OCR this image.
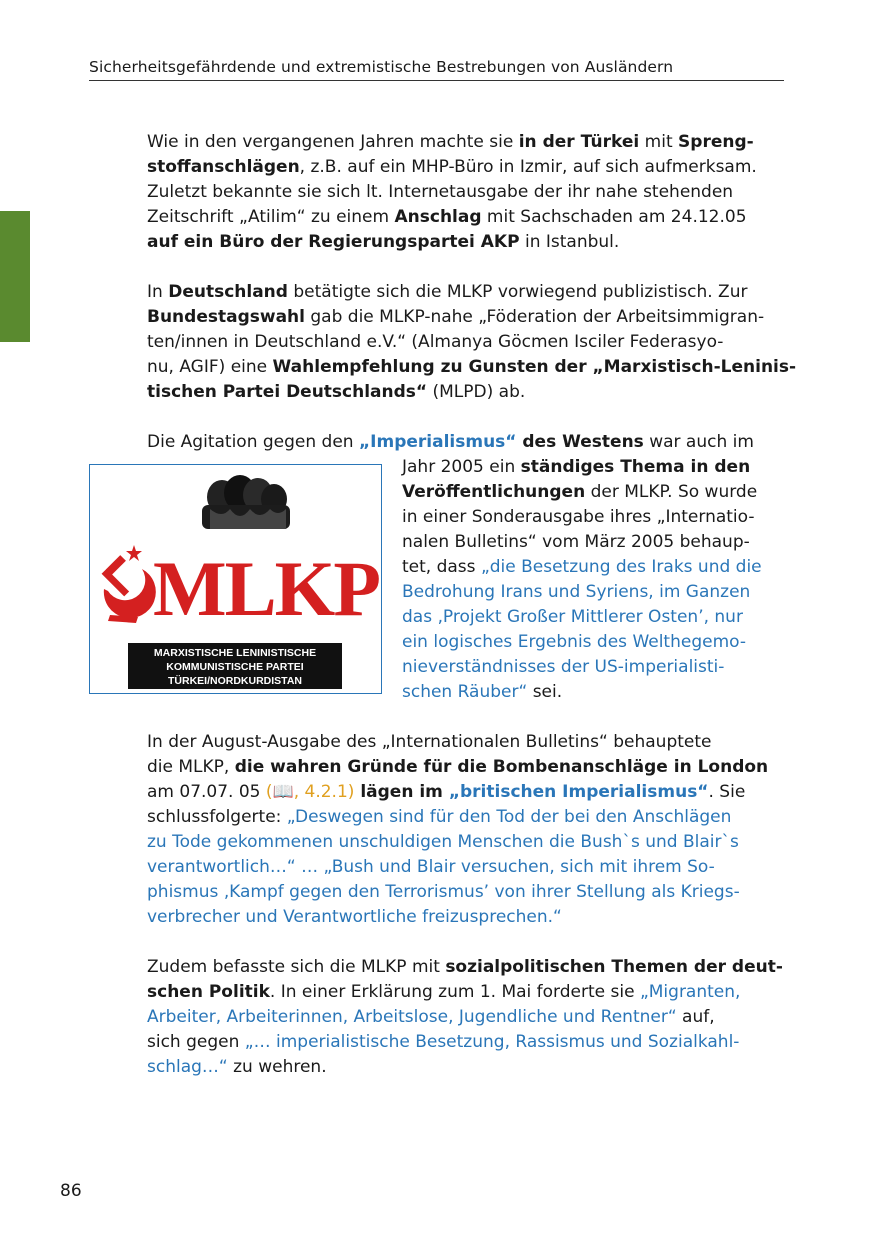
Sicherheitsgefährdende und extremistische Bestrebungen von Ausländern
Wie in den vergangenen Jahren machte sie in der Türkei mit Spreng-
stoffanschlägen, z.B. auf ein MHP-Büro in Izmir, auf sich aufmerksam.
Zuletzt bekannte sie sich lt. Internetausgabe der ihr nahe stehenden
Zeitschrift „Atilim“ zu einem Anschlag mit Sachschaden am 24.12.05
auf ein Büro der Regierungspartei AKP in Istanbul.
In Deutschland betätigte sich die MLKP vorwiegend publizistisch. Zur
Bundestagswahl gab die MLKP-nahe „Föderation der Arbeitsimmigran-
ten/innen in Deutschland e.V.“ (Almanya Göcmen Isciler Federasyo-
nu, AGIF) eine Wahlempfehlung zu Gunsten der „Marxistisch-Leninis-
tischen Partei Deutschlands“ (MLPD) ab.
Die Agitation gegen den „Imperialismus“ des Westens war auch im
Jahr 2005 ein ständiges Thema in den
Veröffentlichungen der MLKP. So wurde
in einer Sonderausgabe ihres „Internatio-
nalen Bulletins“ vom März 2005 behaup-
tet, dass „die Besetzung des Iraks und die
Bedrohung Irans und Syriens, im Ganzen
das ‚Projekt Großer Mittlerer Osten’, nur
ein logisches Ergebnis des Welthegemo-
nieverständnisses der US-imperialisti-
schen Räuber“ sei.
In der August-Ausgabe des „Internationalen Bulletins“ behauptete
die MLKP, die wahren Gründe für die Bombenanschläge in London
am 07.07. 05 (📖, 4.2.1) lägen im „britischen Imperialismus“. Sie
schlussfolgerte: „Deswegen sind für den Tod der bei den Anschlägen
zu Tode gekommenen unschuldigen Menschen die Bush`s und Blair`s
verantwortlich…“ … „Bush und Blair versuchen, sich mit ihrem So-
phismus ‚Kampf gegen den Terrorismus’ von ihrer Stellung als Kriegs-
verbrecher und Verantwortliche freizusprechen.“
Zudem befasste sich die MLKP mit sozialpolitischen Themen der deut-
schen Politik. In einer Erklärung zum 1. Mai forderte sie „Migranten,
Arbeiter, Arbeiterinnen, Arbeitslose, Jugendliche und Rentner“ auf,
sich gegen „… imperialistische Besetzung, Rassismus und Sozialkahl-
schlag…“ zu wehren.
MLKP
MARXISTISCHE LENINISTISCHE
KOMMUNISTISCHE PARTEI
TÜRKEI/NORDKURDISTAN
86
